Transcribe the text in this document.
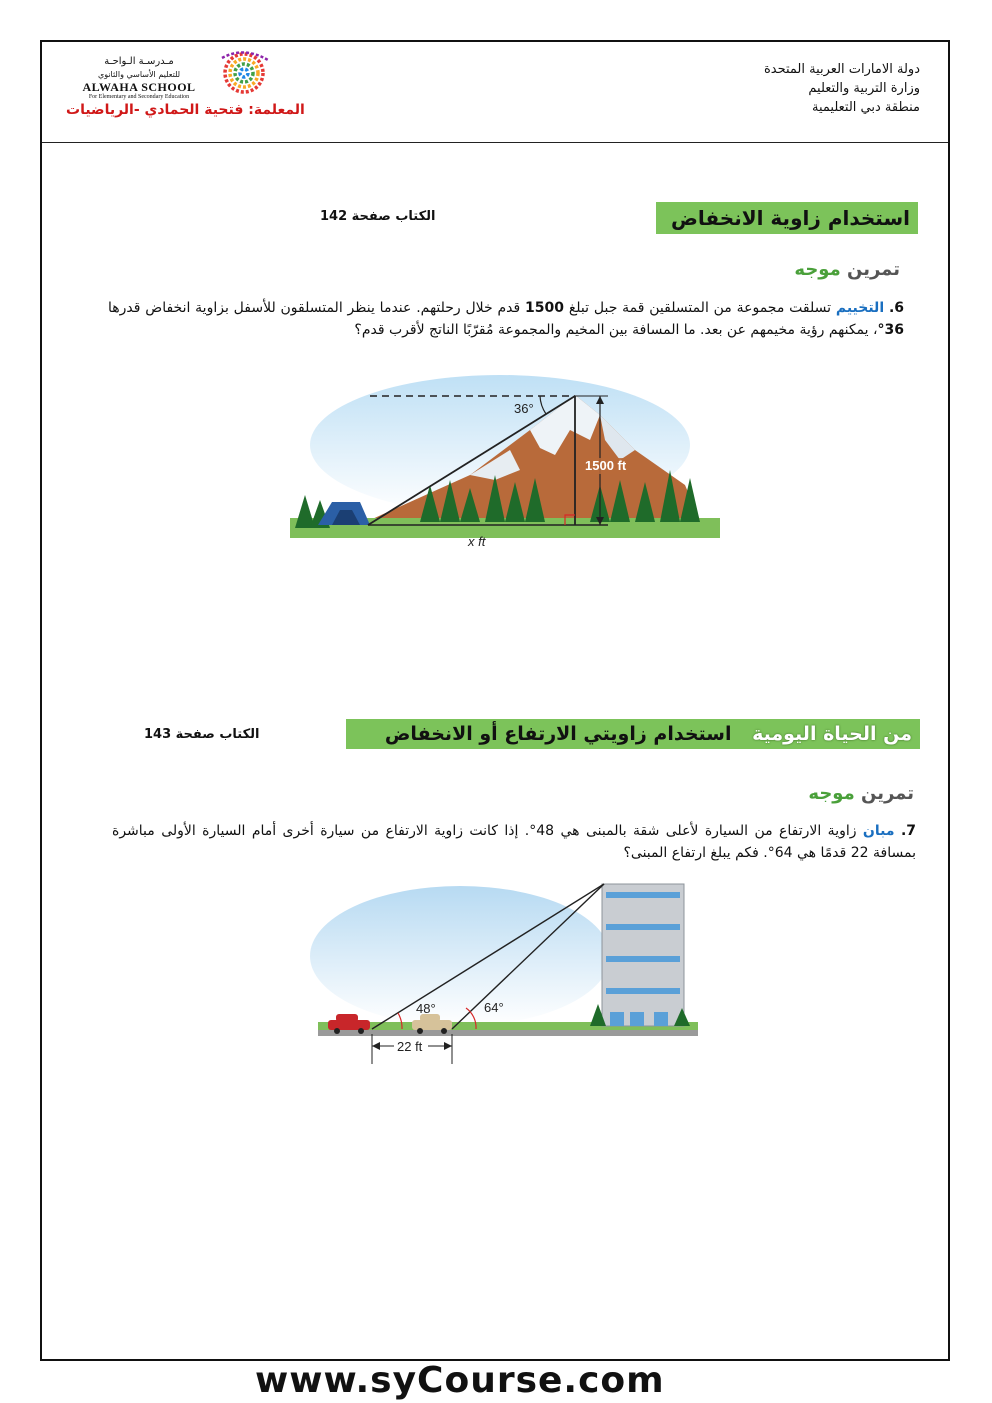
دولة الامارات العربية المتحدة
وزارة التربية والتعليم
منطقة دبي التعليمية
مـدرسـة الـواحـة
للتعليم الأساسي والثانوي
ALWAHA SCHOOL
For Elementary and Secondary Education
المعلمة: فتحية الحمادي -الرياضيات
الكتاب صفحة 142	استخدام زاوية الانخفاض
تمرين موجه
6. التخييم تسلقت مجموعة من المتسلقين قمة جبل تبلغ 1500 قدم خلال رحلتهم. عندما ينظر المتسلقون للأسفل بزاوية انخفاض قدرها 36°، يمكنهم رؤية مخيمهم عن بعد. ما المسافة بين المخيم والمجموعة مُقرّبًا الناتج لأقرب قدم؟
36°
1500 ft
x ft
الكتاب صفحة 143	من الحياة اليومية استخدام زاويتي الارتفاع أو الانخفاض
تمرين موجه
7. مبان زاوية الارتفاع من السيارة لأعلى شقة بالمبنى هي 48°. إذا كانت زاوية الارتفاع من سيارة أخرى أمام السيارة الأولى مباشرة بمسافة 22 قدمًا هي 64°. فكم يبلغ ارتفاع المبنى؟
48°	64°
22 ft
www.syCourse.com
